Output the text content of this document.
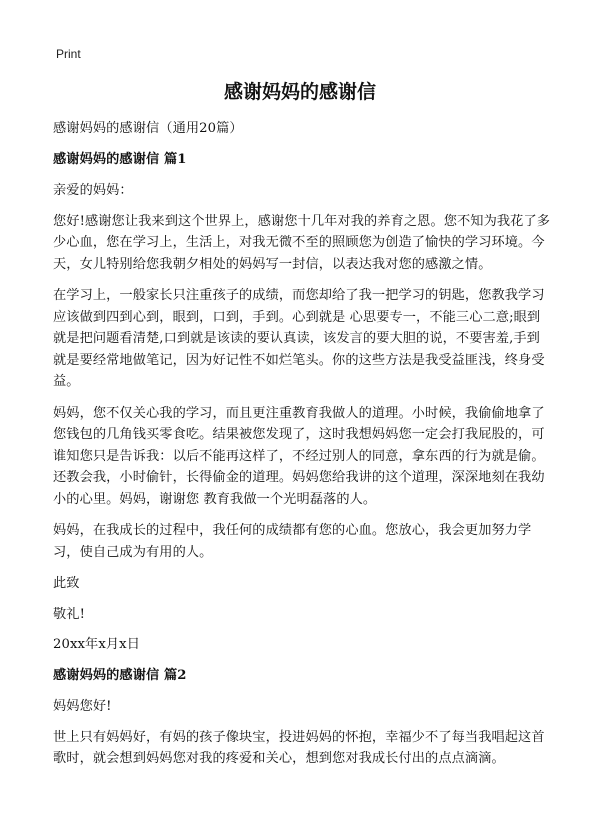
Print
感谢妈妈的感谢信

感谢妈妈的感谢信（通用20篇）

感谢妈妈的感谢信 篇1

亲爱的妈妈：

您好!感谢您让我来到这个世界上，感谢您十几年对我的养育之恩。您不知为我花了多少心血，您在学习上，生活上，对我无微不至的照顾您为创造了愉快的学习环境。今天，女儿特别给您我朝夕相处的妈妈写一封信，以表达我对您的感激之情。

在学习上，一般家长只注重孩子的成绩，而您却给了我一把学习的钥匙，您教我学习应该做到四到心到，眼到，口到，手到。心到就是 心思要专一，不能三心二意;眼到就是把问题看清楚,口到就是该读的要认真读，该发言的要大胆的说，不要害羞,手到就是要经常地做笔记，因为好记性不如烂笔头。你的这些方法是我受益匪浅，终身受益。

妈妈，您不仅关心我的学习，而且更注重教育我做人的道理。小时候，我偷偷地拿了您钱包的几角钱买零食吃。结果被您发现了，这时我想妈妈您一定会打我屁股的，可谁知您只是告诉我：以后不能再这样了，不经过别人的同意，拿东西的行为就是偷。还教会我，小时偷针，长得偷金的道理。妈妈您给我讲的这个道理，深深地刻在我幼小的心里。妈妈，谢谢您 教育我做一个光明磊落的人。

妈妈，在我成长的过程中，我任何的成绩都有您的心血。您放心，我会更加努力学习，使自己成为有用的人。

此致

敬礼!

20xx年x月x日

感谢妈妈的感谢信 篇2

妈妈您好!

世上只有妈妈好，有妈的孩子像块宝，投进妈妈的怀抱，幸福少不了每当我唱起这首歌时，就会想到妈妈您对我的疼爱和关心，想到您对我成长付出的点点滴滴。
